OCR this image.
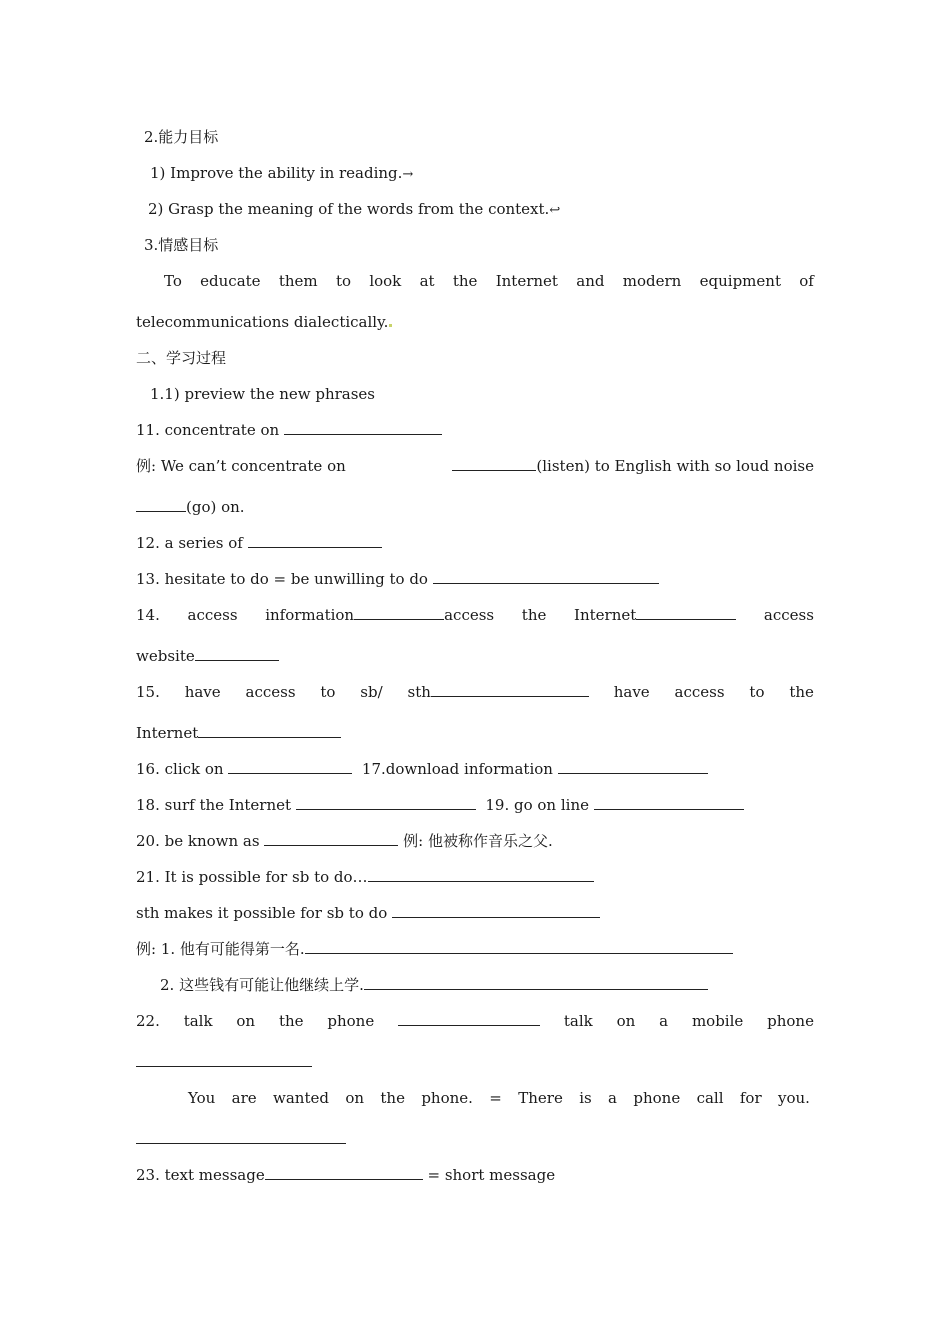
2.能力目标
1) Improve the ability in reading.→
2) Grasp the meaning of the words from the context.↩
3.情感目标
To educate them to look at the Internet and modern equipment of
telecommunications dialectically.
二、学习过程
1.1) preview the new phrases
11. concentrate on
例: We can’t concentrate on	(listen) to English with so loud noise
(go) on.
12. a series of
13. hesitate to do = be unwilling to do
14. access information	access the Internet	access
website
15. have access to sb/ sth	have access to the
Internet
16. click on	17.download information
18. surf the Internet	19. go on line
20. be known as	例: 他被称作音乐之父.
21. It is possible for sb to do…
sth makes it possible for sb to do
例: 1. 他有可能得第一名.
2. 这些钱有可能让他继续上学.
22. talk on the phone	talk on a mobile phone
You are wanted on the phone. = There is a phone call for you.
23. text message	= short message
